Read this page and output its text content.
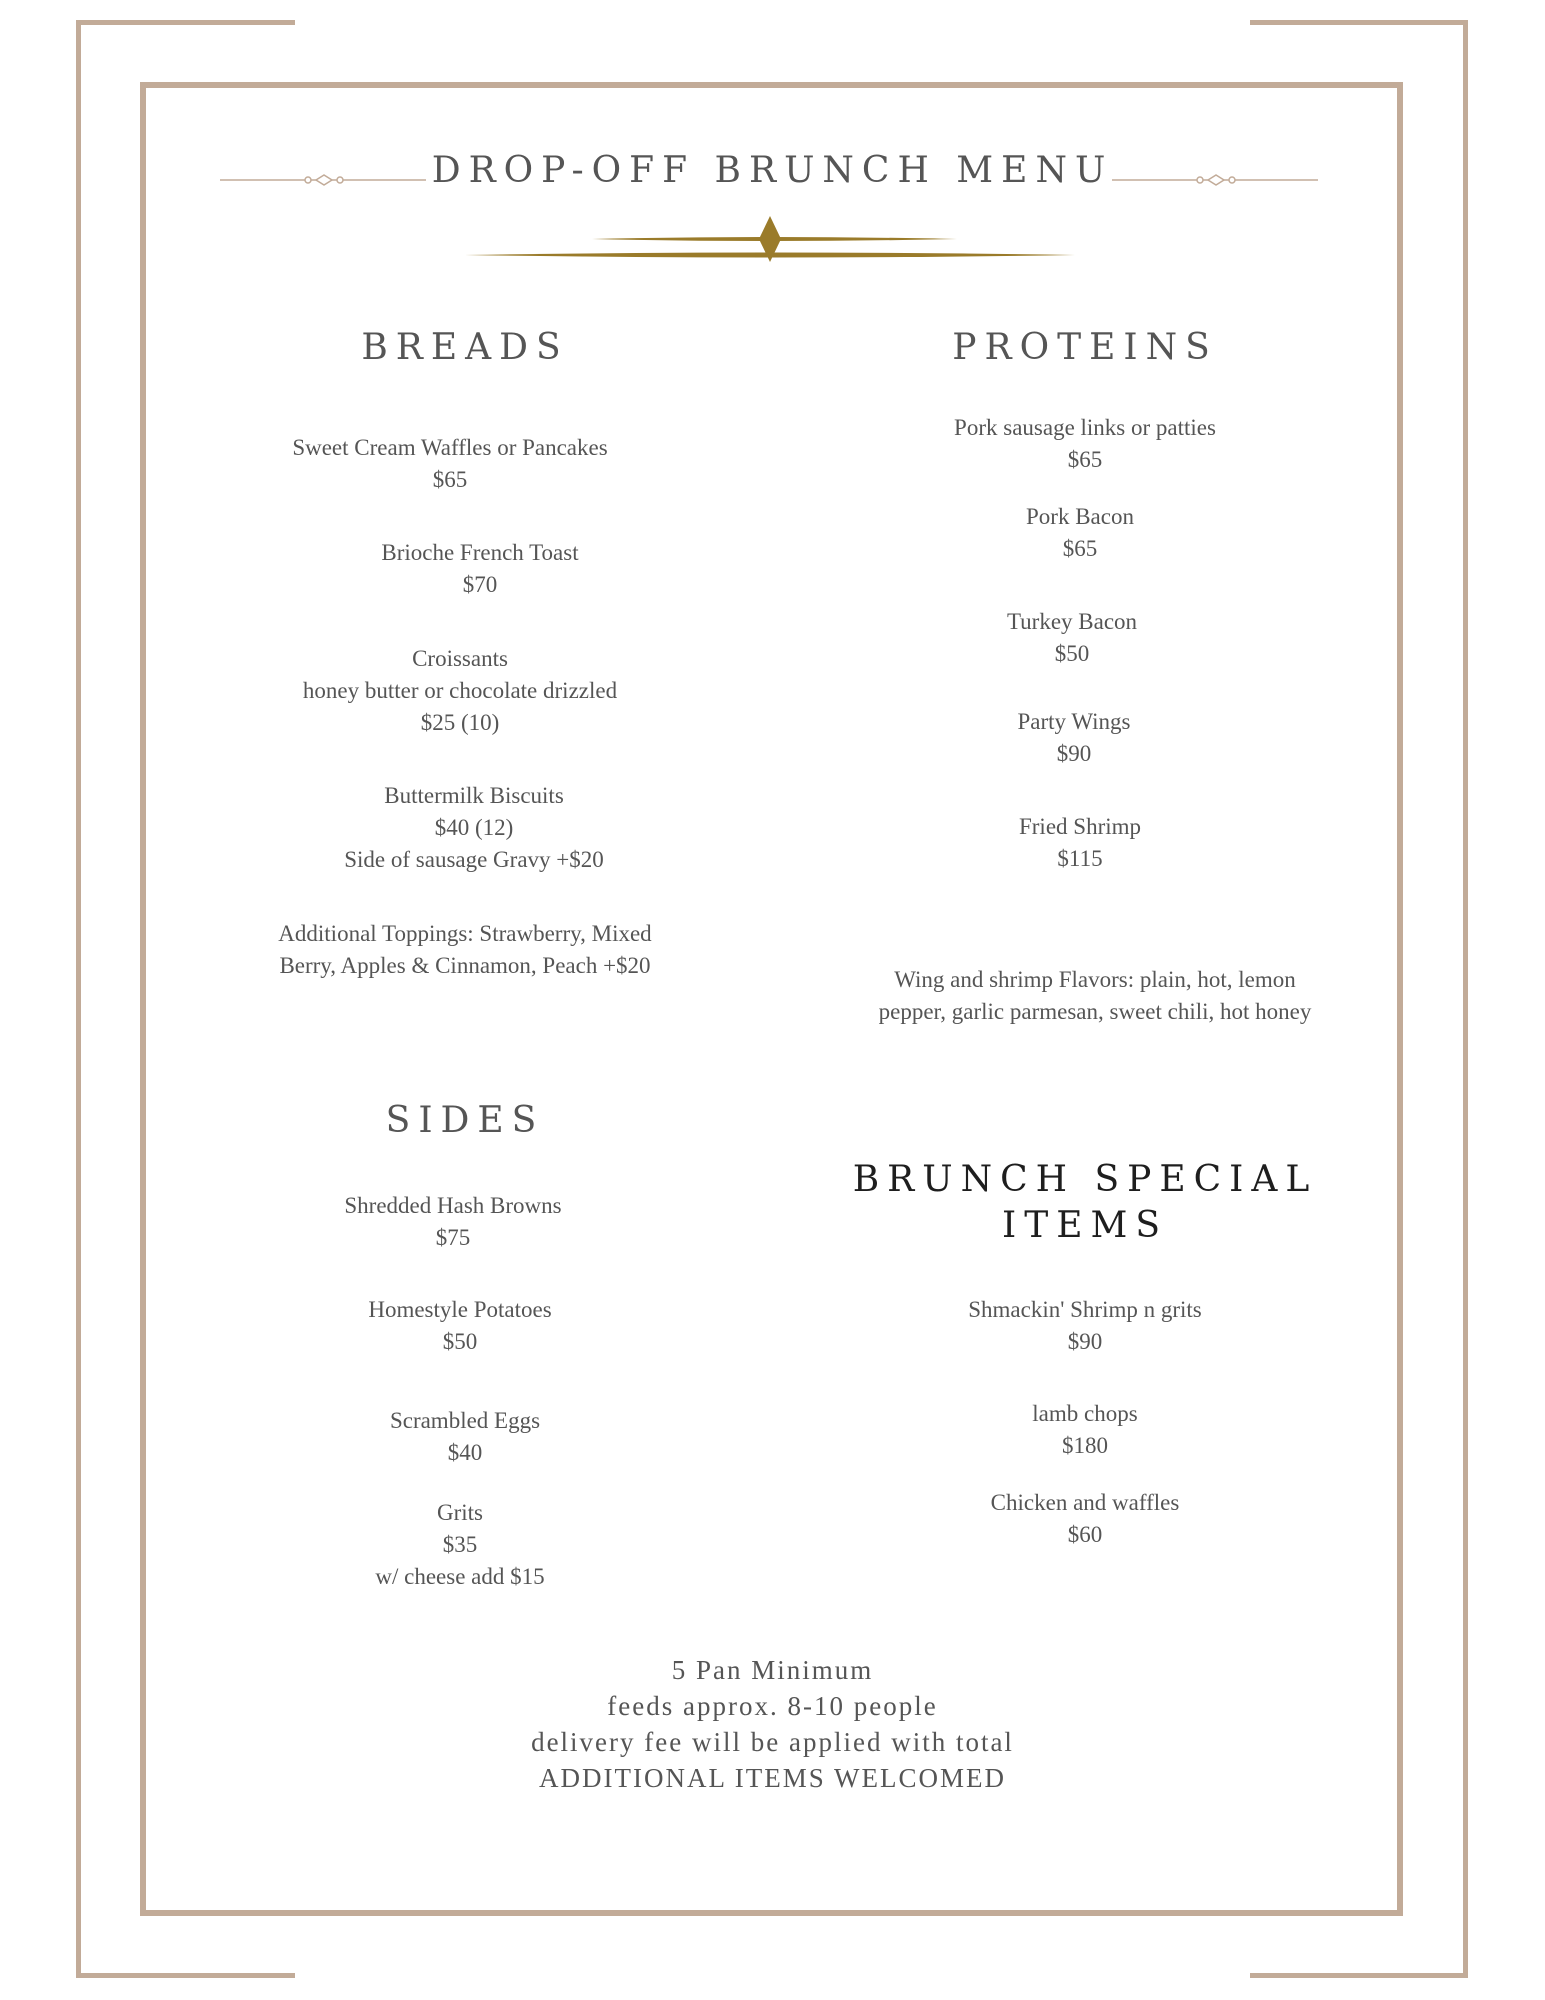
DROP-OFF BRUNCH MENU
BREADS
Sweet Cream Waffles or Pancakes
$65
Brioche French Toast
$70
Croissants
honey butter or chocolate drizzled
$25 (10)
Buttermilk Biscuits
$40 (12)
Side of sausage Gravy +$20
Additional Toppings: Strawberry, Mixed
Berry, Apples & Cinnamon, Peach +$20
PROTEINS
Pork sausage links or patties
$65
Pork Bacon
$65
Turkey Bacon
$50
Party Wings
$90
Fried Shrimp
$115
Wing and shrimp Flavors: plain, hot, lemon
pepper, garlic parmesan, sweet chili, hot honey
SIDES
Shredded Hash Browns
$75
Homestyle Potatoes
$50
Scrambled Eggs
$40
Grits
$35
w/ cheese add $15
BRUNCH SPECIAL
ITEMS
Shmackin' Shrimp n grits
$90
lamb chops
$180
Chicken and waffles
$60
5 Pan Minimum
feeds approx. 8-10 people
delivery fee will be applied with total
ADDITIONAL ITEMS WELCOMED
